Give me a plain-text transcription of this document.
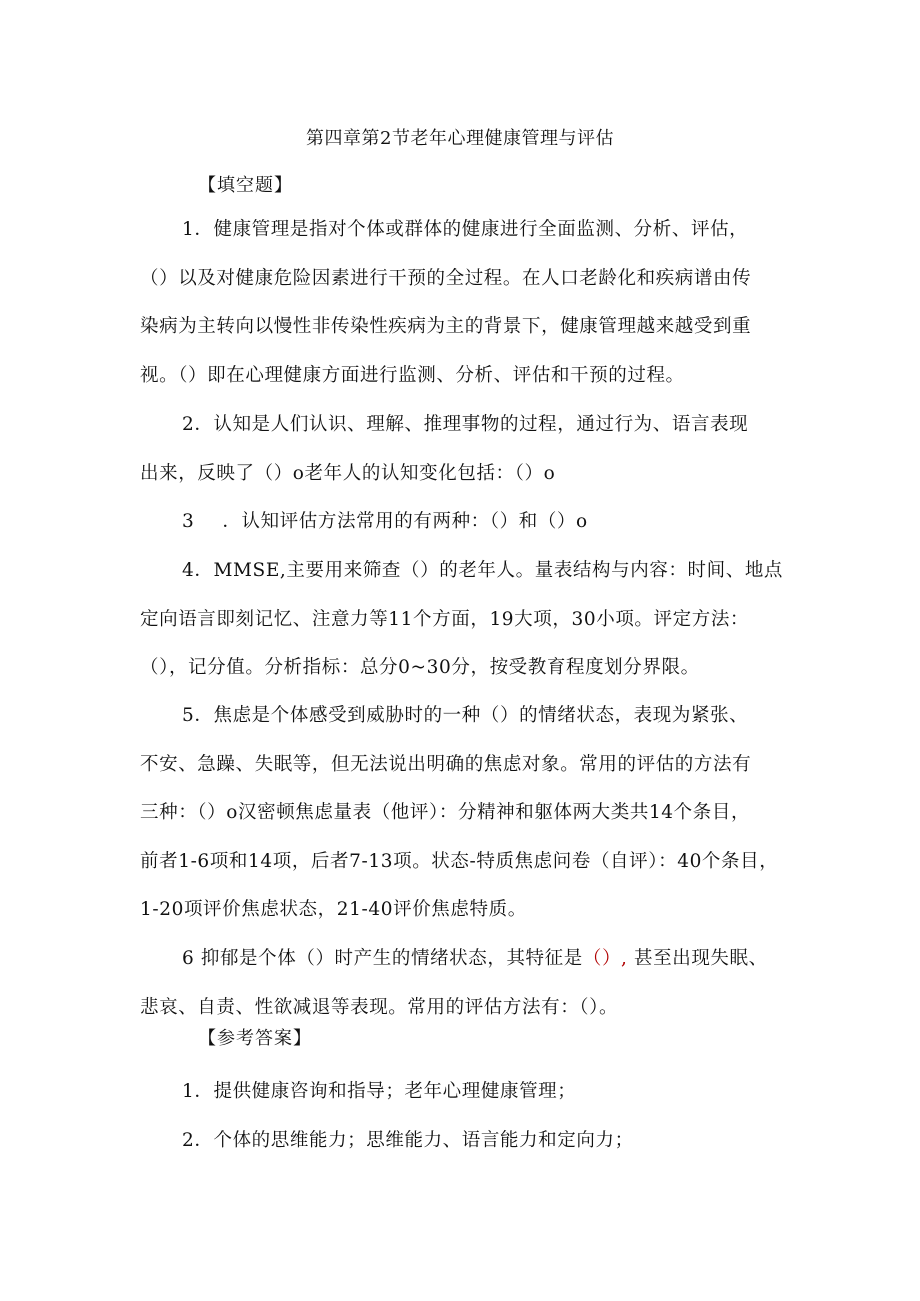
第四章第2节老年心理健康管理与评估
【填空题】
1．健康管理是指对个体或群体的健康进行全面监测、分析、评估，
（）以及对健康危险因素进行干预的全过程。在人口老龄化和疾病谱由传
染病为主转向以慢性非传染性疾病为主的背景下，健康管理越来越受到重
视。（）即在心理健康方面进行监测、分析、评估和干预的过程。
2．认知是人们认识、理解、推理事物的过程，通过行为、语言表现
出来，反映了（）o老年人的认知变化包括：（）o
3 ．认知评估方法常用的有两种：（）和（）o
4．MMSE,主要用来筛查（）的老年人。量表结构与内容：时间、地点
定向语言即刻记忆、注意力等11个方面，19大项，30小项。评定方法：
（），记分值。分析指标：总分0~30分，按受教育程度划分界限。
5．焦虑是个体感受到威胁时的一种（）的情绪状态，表现为紧张、
不安、急躁、失眠等，但无法说出明确的焦虑对象。常用的评估的方法有
三种：（）o汉密顿焦虑量表（他评）：分精神和躯体两大类共14个条目，
前者1-6项和14项，后者7-13项。状态-特质焦虑问卷（自评）：40个条目，
1-20项评价焦虑状态，21-40评价焦虑特质。
6 抑郁是个体（）时产生的情绪状态，其特征是（）, 甚至出现失眠、
悲哀、自责、性欲减退等表现。常用的评估方法有：（）。
【参考答案】
1．提供健康咨询和指导；老年心理健康管理；
2．个体的思维能力；思维能力、语言能力和定向力；
